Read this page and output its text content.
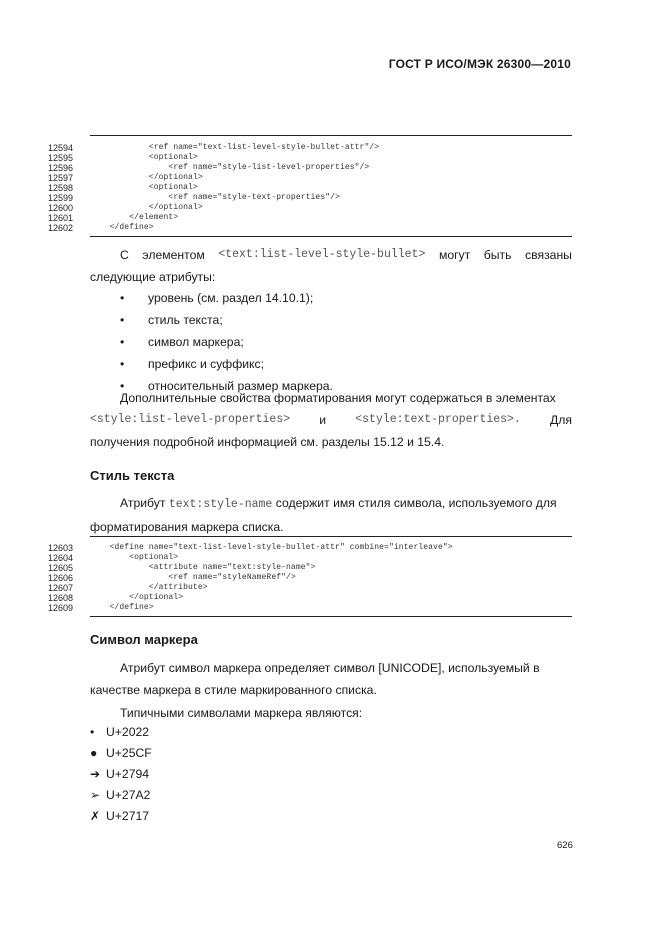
ГОСТ Р ИСО/МЭК 26300—2010
12594	<ref name="text-list-level-style-bullet-attr"/>
12595	<optional>
12596	<ref name="style-list-level-properties"/>
12597	</optional>
12598	<optional>
12599	<ref name="style-text-properties"/>
12600	</optional>
12601	</element>
12602	</define>
С элементом <text:list-level-style-bullet> могут быть связаны
следующие атрибуты:
•	уровень (см. раздел 14.10.1);
•	стиль текста;
•	символ маркера;
•	префикс и суффикс;
•	относительный размер маркера.
Дополнительные свойства форматирования могут содержаться в элементах
<style:list-level-properties> и	<style:text-properties>. Для
получения подробной информацией см. разделы 15.12 и 15.4.
Стиль текста
Атрибут text:style-name содержит имя стиля символа, используемого для
форматирования маркера списка.
12603	<define name="text-list-level-style-bullet-attr" combine="interleave">
12604	<optional>
12605	<attribute name="text:style-name">
12606	<ref name="styleNameRef"/>
12607	</attribute>
12608	</optional>
12609	</define>
Символ маркера
Атрибут символ маркера определяет символ [UNICODE], используемый в
качестве маркера в стиле маркированного списка.
Типичными символами маркера являются:
• U+2022
● U+25CF
➔ U+2794
➢ U+27A2
✗ U+2717
626
